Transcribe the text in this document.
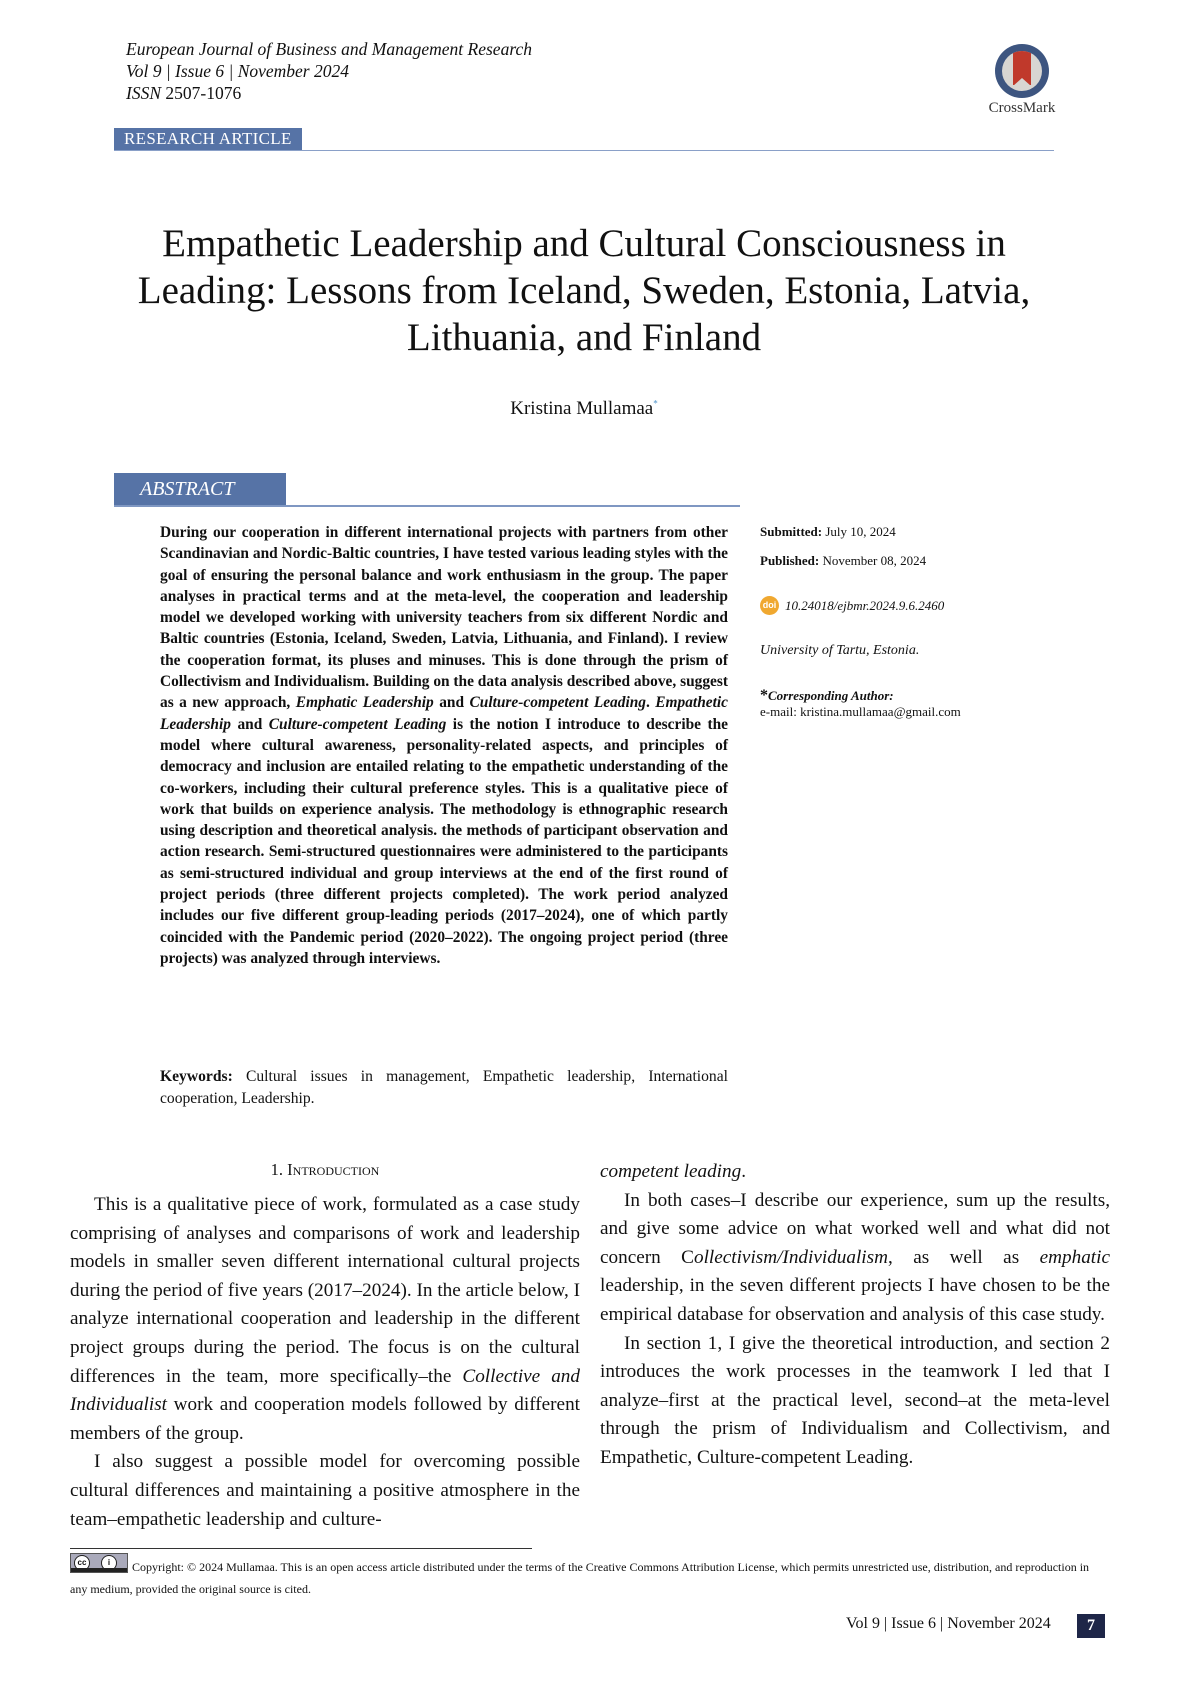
European Journal of Business and Management Research
Vol 9 | Issue 6 | November 2024
ISSN 2507-1076
CrossMark
RESEARCH ARTICLE
Empathetic Leadership and Cultural Consciousness in Leading: Lessons from Iceland, Sweden, Estonia, Latvia, Lithuania, and Finland
Kristina Mullamaa*
ABSTRACT
During our cooperation in different international projects with partners from other Scandinavian and Nordic-Baltic countries, I have tested various leading styles with the goal of ensuring the personal balance and work enthusiasm in the group. The paper analyses in practical terms and at the meta-level, the cooperation and leadership model we developed working with university teachers from six different Nordic and Baltic countries (Estonia, Iceland, Sweden, Latvia, Lithuania, and Finland). I review the cooperation format, its pluses and minuses. This is done through the prism of Collectivism and Individualism. Building on the data analysis described above, suggest as a new approach, Emphatic Leadership and Culture-competent Leading. Empathetic Leadership and Culture-competent Leading is the notion I introduce to describe the model where cultural awareness, personality-related aspects, and principles of democracy and inclusion are entailed relating to the empathetic understanding of the co-workers, including their cultural preference styles. This is a qualitative piece of work that builds on experience analysis. The methodology is ethnographic research using description and theoretical analysis. the methods of participant observation and action research. Semi-structured questionnaires were administered to the participants as semi-structured individual and group interviews at the end of the first round of project periods (three different projects completed). The work period analyzed includes our five different group-leading periods (2017–2024), one of which partly coincided with the Pandemic period (2020–2022). The ongoing project period (three projects) was analyzed through interviews.
Keywords: Cultural issues in management, Empathetic leadership, International cooperation, Leadership.
Submitted: July 10, 2024
Published: November 08, 2024
doi 10.24018/ejbmr.2024.9.6.2460
University of Tartu, Estonia.
*Corresponding Author:
e-mail: kristina.mullamaa@gmail.com
1. Introduction

This is a qualitative piece of work, formulated as a case study comprising of analyses and comparisons of work and leadership models in smaller seven different international cultural projects during the period of five years (2017–2024). In the article below, I analyze international cooperation and leadership in the different project groups during the period. The focus is on the cultural differences in the team, more specifically–the Collective and Individualist work and cooperation models followed by different members of the group.

I also suggest a possible model for overcoming possible cultural differences and maintaining a positive atmosphere in the team–empathetic leadership and culture-

competent leading.

In both cases–I describe our experience, sum up the results, and give some advice on what worked well and what did not concern Collectivism/Individualism, as well as emphatic leadership, in the seven different projects I have chosen to be the empirical database for observation and analysis of this case study.

In section 1, I give the theoretical introduction, and section 2 introduces the work processes in the teamwork I led that I analyze–first at the practical level, second–at the meta-level through the prism of Individualism and Collectivism, and Empathetic, Culture-competent Leading.

cc	i	Copyright: © 2024 Mullamaa. This is an open access article distributed under the terms of the Creative Commons Attribution License, which permits unrestricted use, distribution, and reproduction in any medium, provided the original source is cited.
Vol 9 | Issue 6 | November 2024	7
